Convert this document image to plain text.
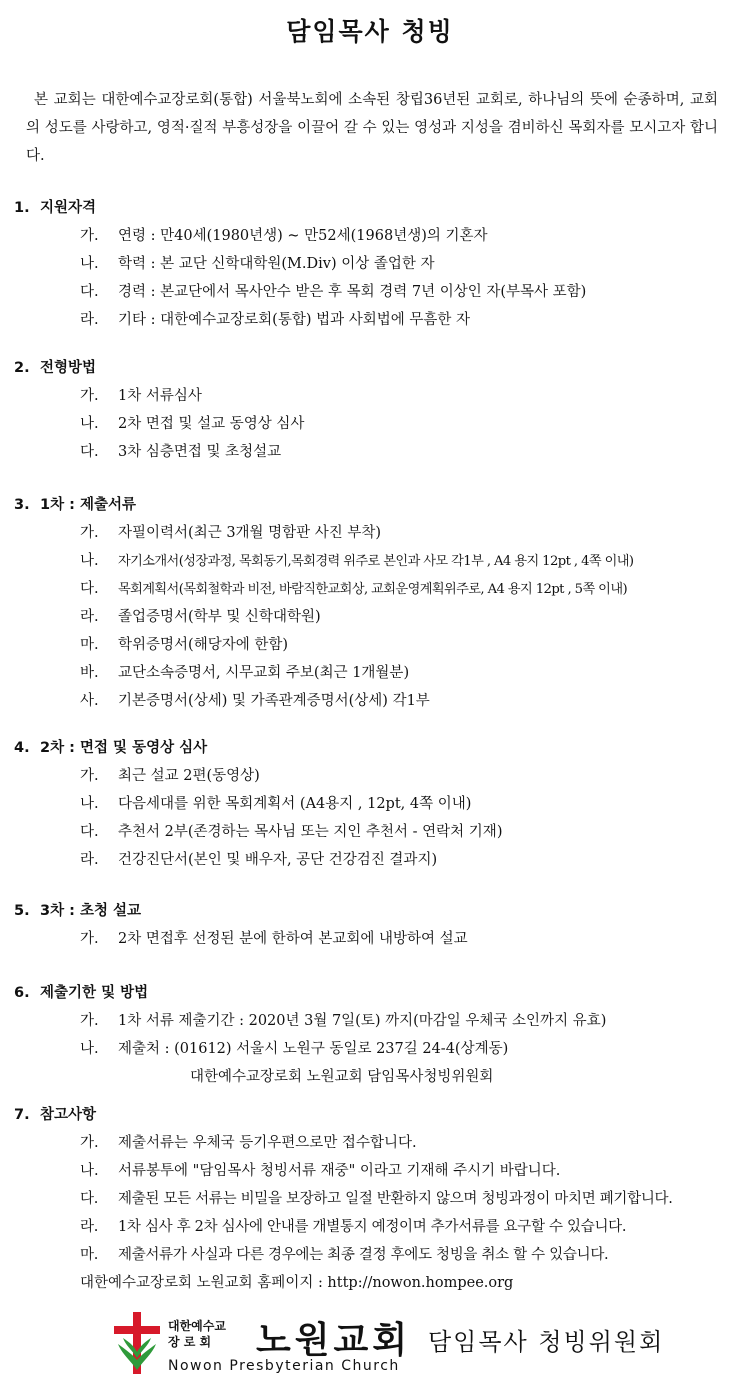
담임목사 청빙
본 교회는 대한예수교장로회(통합) 서울북노회에 소속된 창립36년된 교회로, 하나님의 뜻에 순종하며, 교회의 성도를 사랑하고, 영적·질적 부흥성장을 이끌어 갈 수 있는 영성과 지성을 겸비하신 목회자를 모시고자 합니다.
1. 지원자격
가. 연령 : 만40세(1980년생) ~ 만52세(1968년생)의 기혼자
나. 학력 : 본 교단 신학대학원(M.Div) 이상 졸업한 자
다. 경력 : 본교단에서 목사안수 받은 후 목회 경력 7년 이상인 자(부목사 포함)
라. 기타 : 대한예수교장로회(통합) 법과 사회법에 무흠한 자
2. 전형방법
가. 1차 서류심사
나. 2차 면접 및 설교 동영상 심사
다. 3차 심층면접 및 초청설교
3. 1차 : 제출서류
가. 자필이력서(최근 3개월 명함판 사진 부착)
나. 자기소개서(성장과정, 목회동기,목회경력 위주로 본인과 사모 각1부 , A4 용지 12pt , 4쪽 이내)
다. 목회계획서(목회철학과 비전, 바람직한교회상, 교회운영계획위주로, A4 용지 12pt , 5쪽 이내)
라. 졸업증명서(학부 및 신학대학원)
마. 학위증명서(해당자에 한함)
바. 교단소속증명서, 시무교회 주보(최근 1개월분)
사. 기본증명서(상세) 및 가족관계증명서(상세) 각1부
4. 2차 : 면접 및 동영상 심사
가. 최근 설교 2편(동영상)
나. 다음세대를 위한 목회계획서 (A4용지 , 12pt, 4쪽 이내)
다. 추천서 2부(존경하는 목사님 또는 지인 추천서 - 연락처 기재)
라. 건강진단서(본인 및 배우자, 공단 건강검진 결과지)
5. 3차 : 초청 설교
가. 2차 면접후 선정된 분에 한하여 본교회에 내방하여 설교
6. 제출기한 및 방법
가. 1차 서류 제출기간 : 2020년 3월 7일(토) 까지(마감일 우체국 소인까지 유효)
나. 제출처 : (01612) 서울시 노원구 동일로 237길 24-4(상계동)
대한예수교장로회 노원교회 담임목사청빙위원회
7. 참고사항
가. 제출서류는 우체국 등기우편으로만 접수합니다.
나. 서류봉투에 "담임목사 청빙서류 재중" 이라고 기재해 주시기 바랍니다.
다. 제출된 모든 서류는 비밀을 보장하고 일절 반환하지 않으며 청빙과정이 마치면 폐기합니다.
라. 1차 심사 후 2차 심사에 안내를 개별통지 예정이며 추가서류를 요구할 수 있습니다.
마. 제출서류가 사실과 다른 경우에는 최종 결정 후에도 청빙을 취소 할 수 있습니다.
대한예수교장로회 노원교회 홈페이지 : http://nowon.hompee.org
대한예수교
장 로 회	노원교회
Nowon Presbyterian Church
담임목사 청빙위원회
